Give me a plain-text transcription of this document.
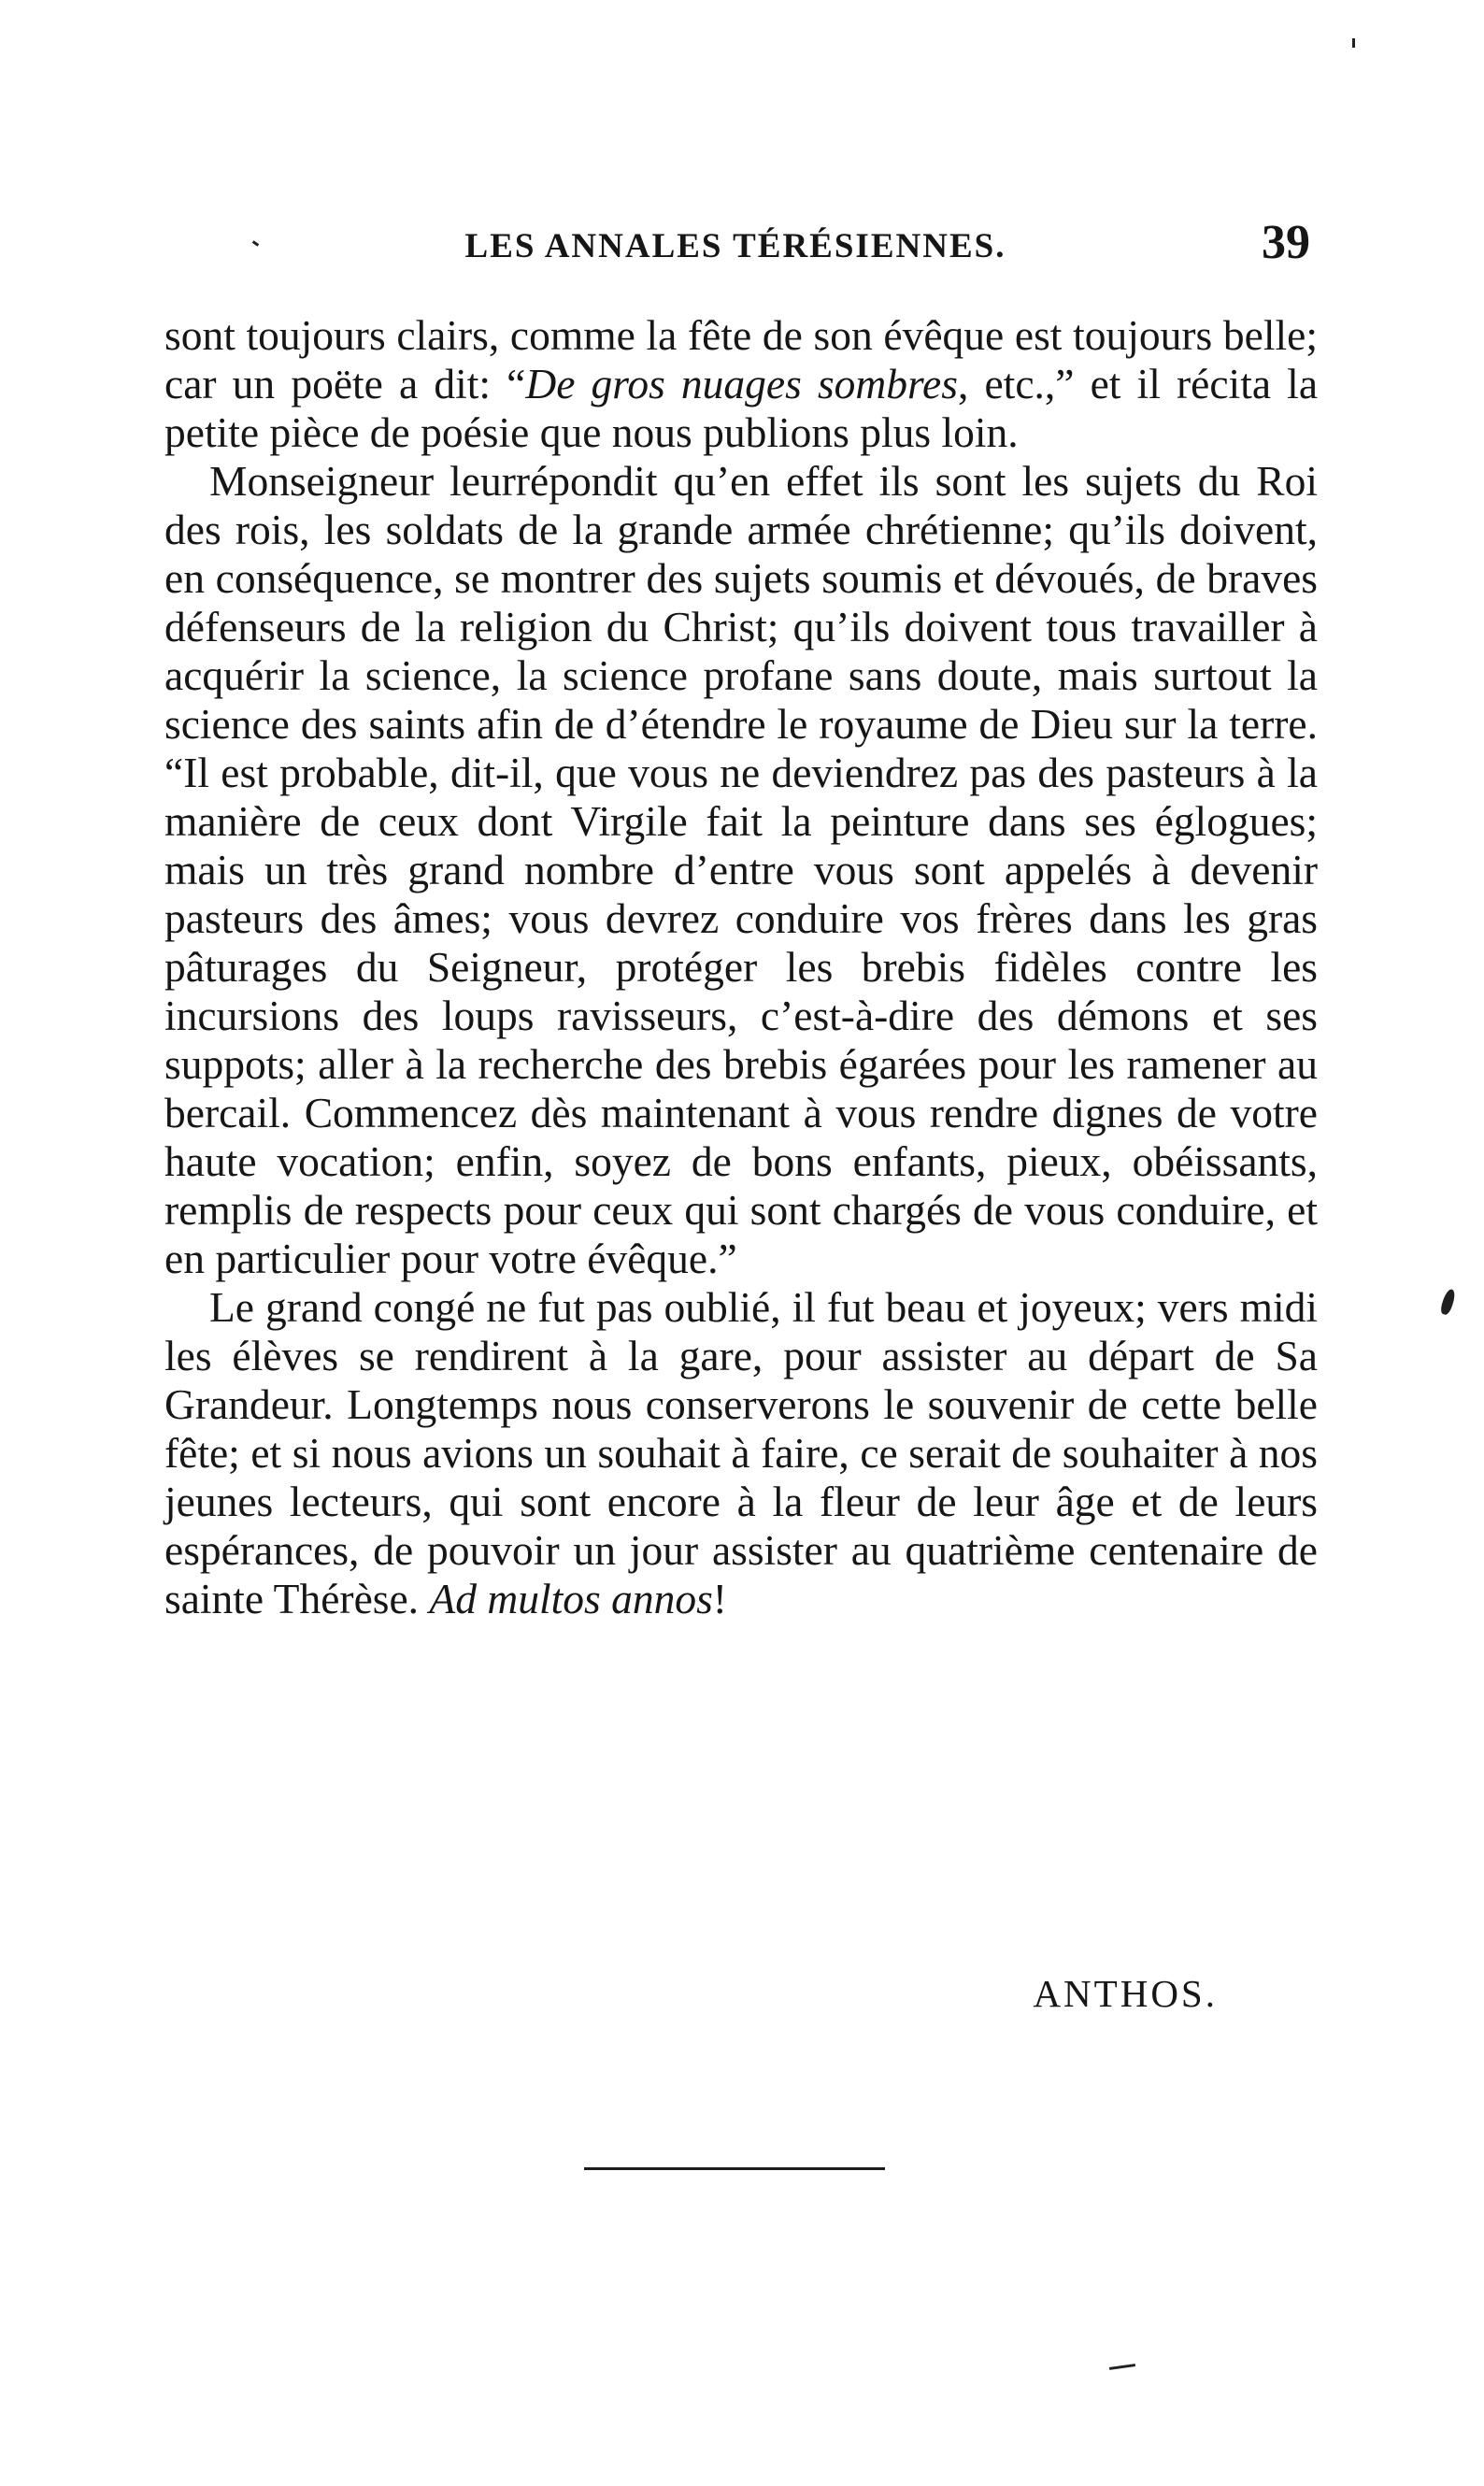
LES ANNALES TÉRÉSIENNES.	39

sont toujours clairs, comme la fête de son évêque est toujours belle; car un poëte a dit: “De gros nuages sombres, etc.,” et il récita la petite pièce de poésie que nous publions plus loin.

Monseigneur leurrépondit qu’en effet ils sont les sujets du Roi des rois, les soldats de la grande armée chrétienne; qu’ils doivent, en conséquence, se montrer des sujets soumis et dévoués, de braves défenseurs de la religion du Christ; qu’ils doivent tous travailler à acquérir la science, la science profane sans doute, mais surtout la science des saints afin de d’étendre le royaume de Dieu sur la terre. “Il est probable, dit-il, que vous ne deviendrez pas des pasteurs à la manière de ceux dont Virgile fait la peinture dans ses églogues; mais un très grand nombre d’entre vous sont appelés à devenir pasteurs des âmes; vous devrez conduire vos frères dans les gras pâturages du Seigneur, protéger les brebis fidèles contre les incursions des loups ravisseurs, c’est-à-dire des démons et ses suppots; aller à la recherche des brebis égarées pour les ramener au bercail. Commencez dès maintenant à vous rendre dignes de votre haute vocation; enfin, soyez de bons enfants, pieux, obéissants, remplis de respects pour ceux qui sont chargés de vous conduire, et en particulier pour votre évêque.”

Le grand congé ne fut pas oublié, il fut beau et joyeux; vers midi les élèves se rendirent à la gare, pour assister au départ de Sa Grandeur. Longtemps nous conserverons le souvenir de cette belle fête; et si nous avions un souhait à faire, ce serait de souhaiter à nos jeunes lecteurs, qui sont encore à la fleur de leur âge et de leurs espérances, de pouvoir un jour assister au quatrième centenaire de sainte Thérèse. Ad multos annos!

ANTHOS.
